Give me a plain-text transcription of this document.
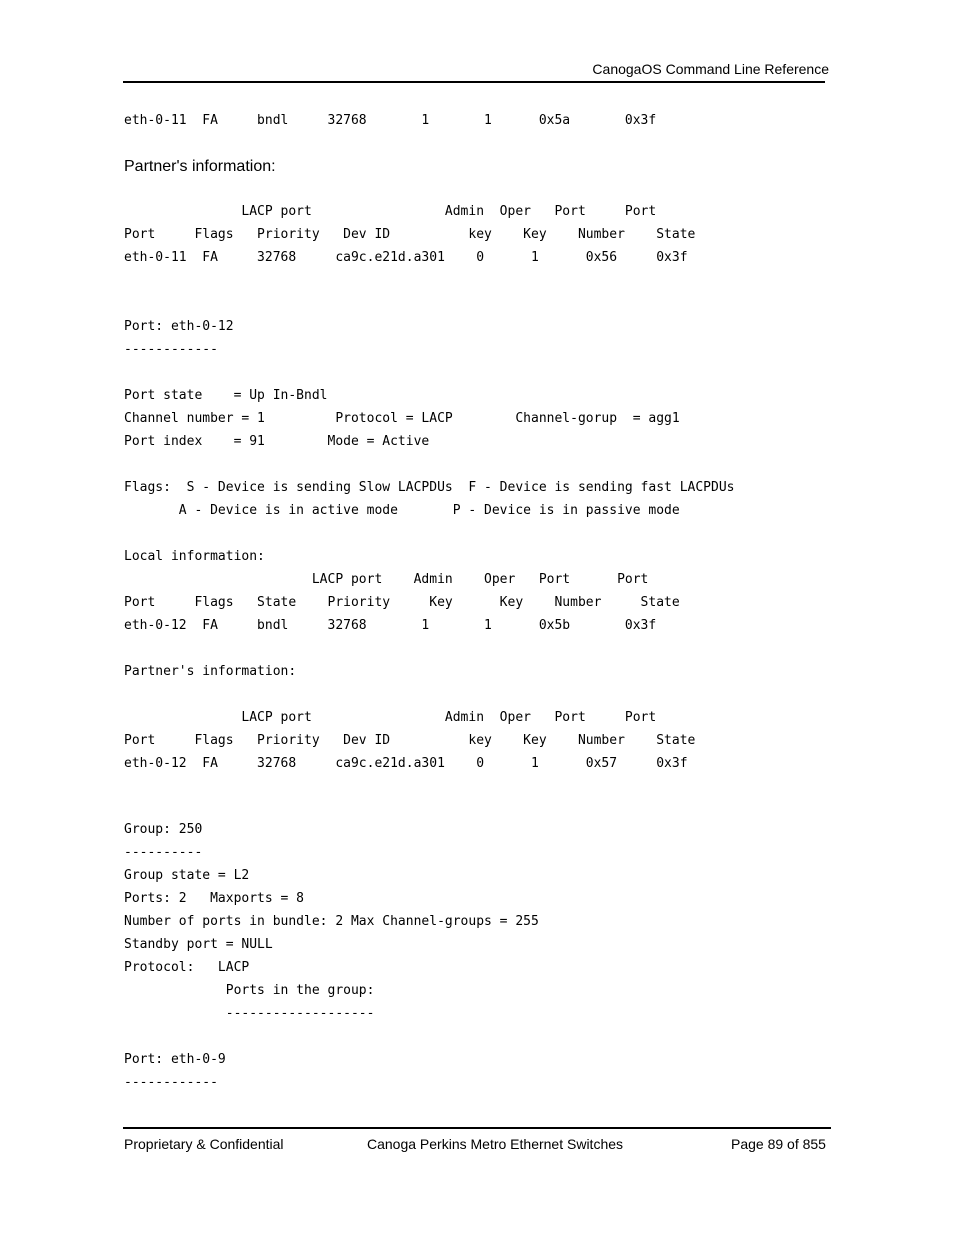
CanogaOS Command Line Reference
eth-0-11  FA     bndl     32768       1       1      0x5a       0x3f
Partner's information:
LACP port                 Admin  Oper   Port     Port
Port     Flags   Priority   Dev ID          key    Key    Number    State
eth-0-11  FA     32768     ca9c.e21d.a301    0      1      0x56     0x3f
Port: eth-0-12
------------

Port state    = Up In-Bndl
Channel number = 1         Protocol = LACP        Channel-gorup  = agg1
Port index    = 91        Mode = Active

Flags:  S - Device is sending Slow LACPDUs  F - Device is sending fast LACPDUs
A - Device is in active mode       P - Device is in passive mode

Local information:
LACP port    Admin    Oper   Port      Port
Port     Flags   State    Priority     Key      Key    Number     State
eth-0-12  FA     bndl     32768       1       1      0x5b       0x3f

Partner's information:

LACP port                 Admin  Oper   Port     Port
Port     Flags   Priority   Dev ID          key    Key    Number    State
eth-0-12  FA     32768     ca9c.e21d.a301    0      1      0x57     0x3f
Group: 250
----------
Group state = L2
Ports: 2   Maxports = 8
Number of ports in bundle: 2 Max Channel-groups = 255
Standby port = NULL
Protocol:   LACP
Ports in the group:
-------------------

Port: eth-0-9
------------
Proprietary & Confidential	Canoga Perkins Metro Ethernet Switches	Page 89 of 855
